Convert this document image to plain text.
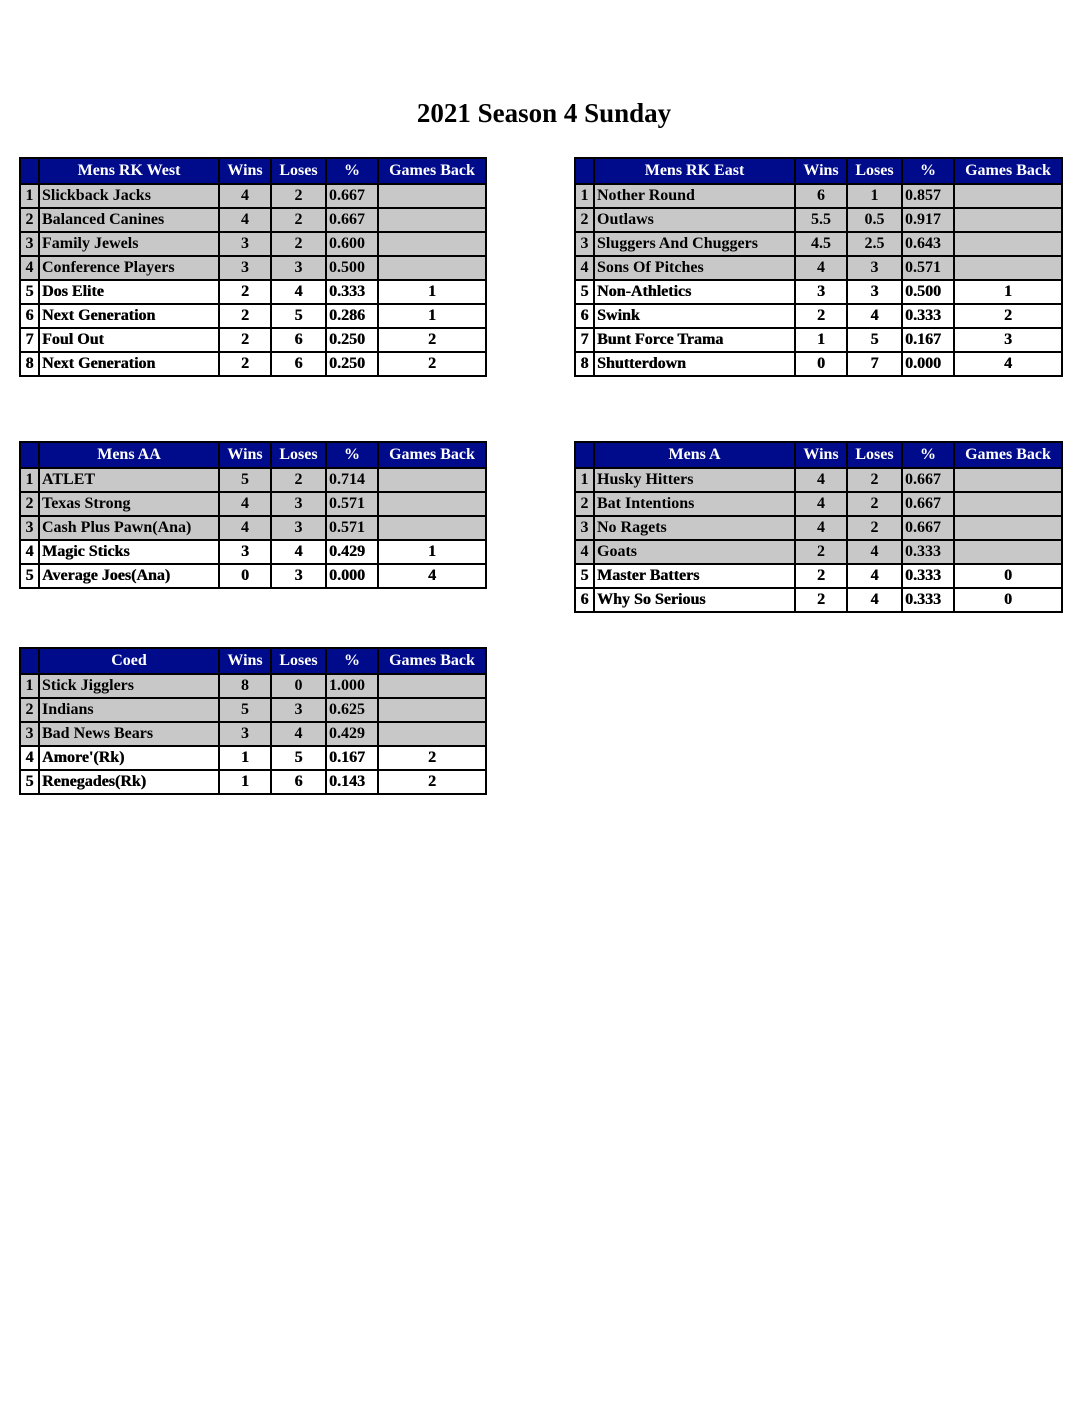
2021 Season 4 Sunday
	Mens RK West	Wins	Loses	%	Games Back
1	Slickback Jacks	4	2	0.667	
2	Balanced Canines	4	2	0.667	
3	Family Jewels	3	2	0.600	
4	Conference Players	3	3	0.500	
5	Dos Elite	2	4	0.333	1
6	Next Generation	2	5	0.286	1
7	Foul Out	2	6	0.250	2
8	Next Generation	2	6	0.250	2
	Mens RK East	Wins	Loses	%	Games Back
1	Nother Round	6	1	0.857	
2	Outlaws	5.5	0.5	0.917	
3	Sluggers And Chuggers	4.5	2.5	0.643	
4	Sons Of Pitches	4	3	0.571	
5	Non-Athletics	3	3	0.500	1
6	Swink	2	4	0.333	2
7	Bunt Force Trama	1	5	0.167	3
8	Shutterdown	0	7	0.000	4
	Mens AA	Wins	Loses	%	Games Back
1	ATLET	5	2	0.714	
2	Texas Strong	4	3	0.571	
3	Cash Plus Pawn(Ana)	4	3	0.571	
4	Magic Sticks	3	4	0.429	1
5	Average Joes(Ana)	0	3	0.000	4
	Mens A	Wins	Loses	%	Games Back
1	Husky Hitters	4	2	0.667	
2	Bat Intentions	4	2	0.667	
3	No Ragets	4	2	0.667	
4	Goats	2	4	0.333	
5	Master Batters	2	4	0.333	0
6	Why So Serious	2	4	0.333	0
	Coed	Wins	Loses	%	Games Back
1	Stick Jigglers	8	0	1.000	
2	Indians	5	3	0.625	
3	Bad News Bears	3	4	0.429	
4	Amore'(Rk)	1	5	0.167	2
5	Renegades(Rk)	1	6	0.143	2
